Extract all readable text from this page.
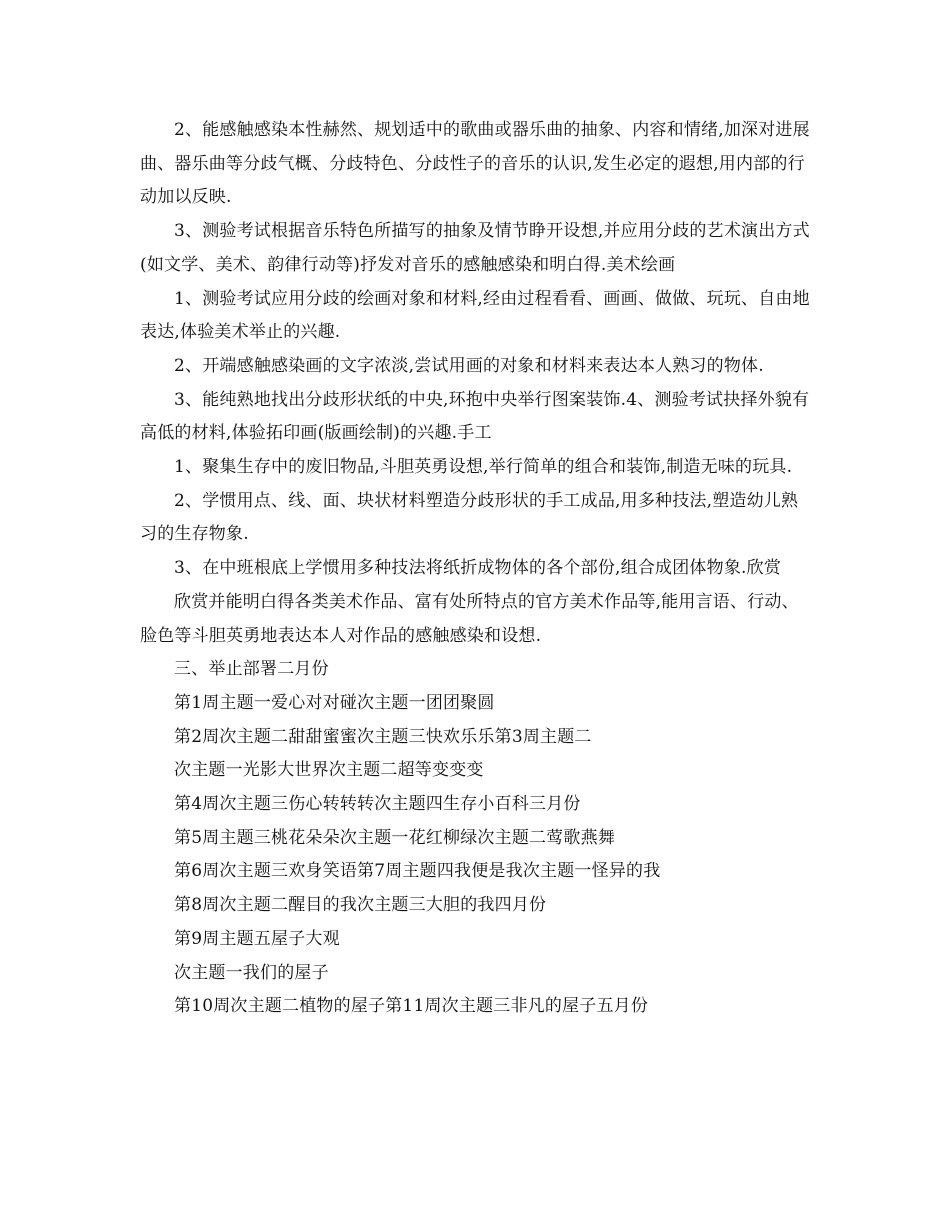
2、能感触感染本性赫然、规划适中的歌曲或器乐曲的抽象、内容和情绪,加深对进展曲、器乐曲等分歧气概、分歧特色、分歧性子的音乐的认识,发生必定的遐想,用内部的行动加以反映.

3、测验考试根据音乐特色所描写的抽象及情节睁开设想,并应用分歧的艺术演出方式(如文学、美术、韵律行动等)抒发对音乐的感触感染和明白得.美术绘画

1、测验考试应用分歧的绘画对象和材料,经由过程看看、画画、做做、玩玩、自由地表达,体验美术举止的兴趣.

2、开端感触感染画的文字浓淡,尝试用画的对象和材料来表达本人熟习的物体.

3、能纯熟地找出分歧形状纸的中央,环抱中央举行图案装饰.4、测验考试抉择外貌有高低的材料,体验拓印画(版画绘制)的兴趣.手工

1、聚集生存中的废旧物品,斗胆英勇设想,举行简单的组合和装饰,制造无味的玩具.

2、学惯用点、线、面、块状材料塑造分歧形状的手工成品,用多种技法,塑造幼儿熟习的生存物象.

3、在中班根底上学惯用多种技法将纸折成物体的各个部份,组合成团体物象.欣赏

欣赏并能明白得各类美术作品、富有处所特点的官方美术作品等,能用言语、行动、脸色等斗胆英勇地表达本人对作品的感触感染和设想.

三、举止部署二月份

第1周主题一爱心对对碰次主题一团团聚圆

第2周次主题二甜甜蜜蜜次主题三快欢乐乐第3周主题二

次主题一光影大世界次主题二超等变变变

第4周次主题三伤心转转转次主题四生存小百科三月份

第5周主题三桃花朵朵次主题一花红柳绿次主题二莺歌燕舞

第6周次主题三欢身笑语第7周主题四我便是我次主题一怪异的我

第8周次主题二醒目的我次主题三大胆的我四月份

第9周主题五屋子大观

次主题一我们的屋子

第10周次主题二植物的屋子第11周次主题三非凡的屋子五月份
